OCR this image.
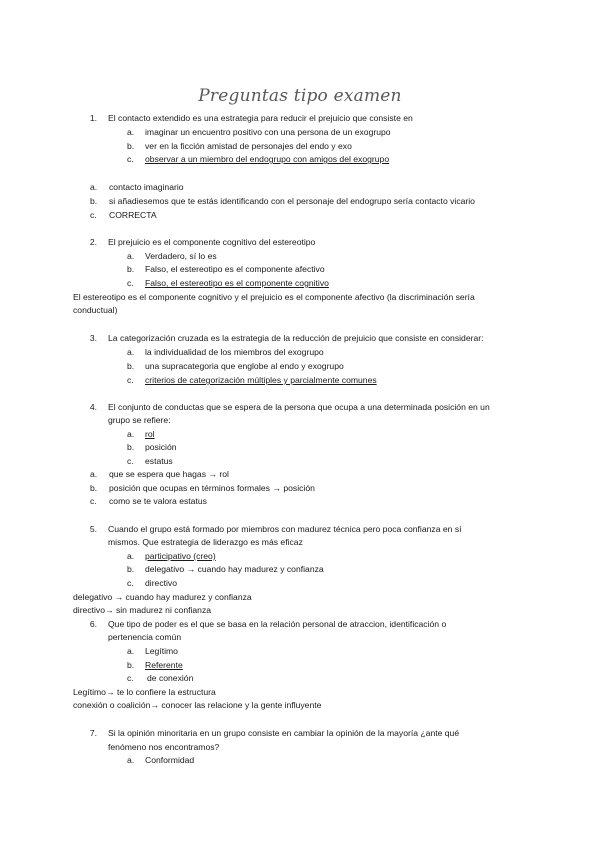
Preguntas tipo examen
1. El contacto extendido es una estrategia para reducir el prejuicio que consiste en
a. imaginar un encuentro positivo con una persona de un exogrupo
b. ver en la ficción amistad de personajes del endo y exo
c. observar a un miembro del endogrupo con amigos del exogrupo
a. contacto imaginario
b. si añadiesemos que te estás identificando con el personaje del endogrupo sería contacto vicario
c. CORRECTA
2. El prejuicio es el componente cognitivo del estereotipo
a. Verdadero, sí lo es
b. Falso, el estereotipo es el componente afectivo
c. Falso, el estereotipo es el componente cognitivo
El estereotipo es el componente cognitivo y el prejuicio es el componente afectivo (la discriminación sería
conductual)
3. La categorización cruzada es la estrategia de la reducción de prejuicio que consiste en considerar:
a. la individualidad de los miembros del exogrupo
b. una supracategoria que englobe al endo y exogrupo
c. criterios de categorización múltiples y parcialmente comunes
4. El conjunto de conductas que se espera de la persona que ocupa a una determinada posición en un
grupo se refiere:
a. rol
b. posición
c. estatus
a. que se espera que hagas → rol
b. posición que ocupas en términos formales → posición
c. como se te valora estatus
5. Cuando el grupo está formado por miembros con madurez técnica pero poca confianza en sí
mismos. Que estrategia de liderazgo es más eficaz
a. participativo (creo)
b. delegativo → cuando hay madurez y confianza
c. directivo
delegativo → cuando hay madurez y confianza
directivo→ sin madurez ni confianza
6. Que tipo de poder es el que se basa en la relación personal de atraccion, identificación o
pertenencia común
a. Legítimo
b. Referente
c. de conexión
Legítimo→ te lo confiere la estructura
conexión o coalición→ conocer las relacione y la gente influyente
7. Si la opinión minoritaria en un grupo consiste en cambiar la opinión de la mayoría ¿ante qué
fenómeno nos encontramos?
a. Conformidad
